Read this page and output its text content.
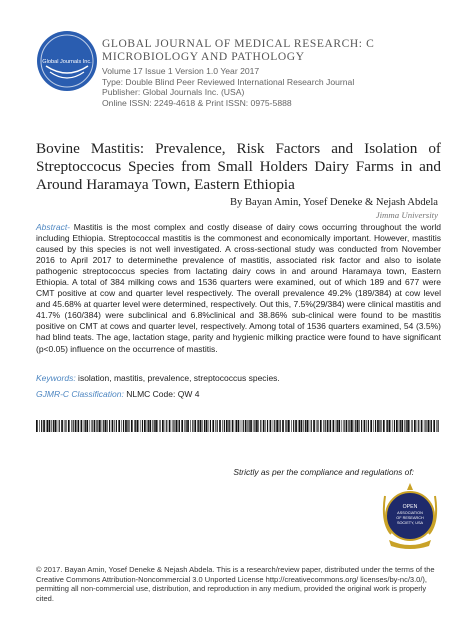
Global Journals Inc.
GLOBAL JOURNAL OF MEDICAL RESEARCH: C
MICROBIOLOGY AND PATHOLOGY
Volume 17 Issue 1 Version 1.0 Year 2017
Type: Double Blind Peer Reviewed International Research Journal
Publisher: Global Journals Inc. (USA)
Online ISSN: 2249-4618 & Print ISSN: 0975-5888
Bovine Mastitis: Prevalence, Risk Factors and Isolation of Streptoccocus Species from Small Holders Dairy Farms in and Around Haramaya Town, Eastern Ethiopia
By Bayan Amin, Yosef Deneke & Nejash Abdela
Jimma University
Abstract- Mastitis is the most complex and costly disease of dairy cows occurring throughout the world including Ethiopia. Streptococcal mastitis is the commonest and economically important. However, mastitis caused by this species is not well investigated. A cross-sectional study was conducted from November 2016 to April 2017 to determinethe prevalence of mastitis, associated risk factor and also to isolate pathogenic streptococcus species from lactating dairy cows in and around Haramaya town, Eastern Ethiopia. A total of 384 milking cows and 1536 quarters were examined, out of which 189 and 677 were CMT positive at cow and quarter level respectively. The overall prevalence 49.2% (189/384) at cow level and 45.68% at quarter level were determined, respectively. Out this, 7.5%(29/384) were clinical mastitis and 41.7% (160/384) were subclinical and 6.8%clinical and 38.86% sub-clinical were found to be mastitis positive on CMT at cows and quarter level, respectively. Among total of 1536 quarters examined, 54 (3.5%) had blind teats. The age, lactation stage, parity and hygienic milking practice were found to have significant (p<0.05) influence on the occurrence of mastitis.
Keywords: isolation, mastitis, prevalence, streptococcus species.
GJMR-C Classification: NLMC Code: QW 4
Strictly as per the compliance and regulations of:
OPEN
ASSOCIATION
OF RESEARCH
SOCIETY, USA
© 2017. Bayan Amin, Yosef Deneke & Nejash Abdela. This is a research/review paper, distributed under the terms of the Creative Commons Attribution-Noncommercial 3.0 Unported License http://creativecommons.org/ licenses/by-nc/3.0/), permitting all non-commercial use, distribution, and reproduction in any medium, provided the original work is properly cited.
